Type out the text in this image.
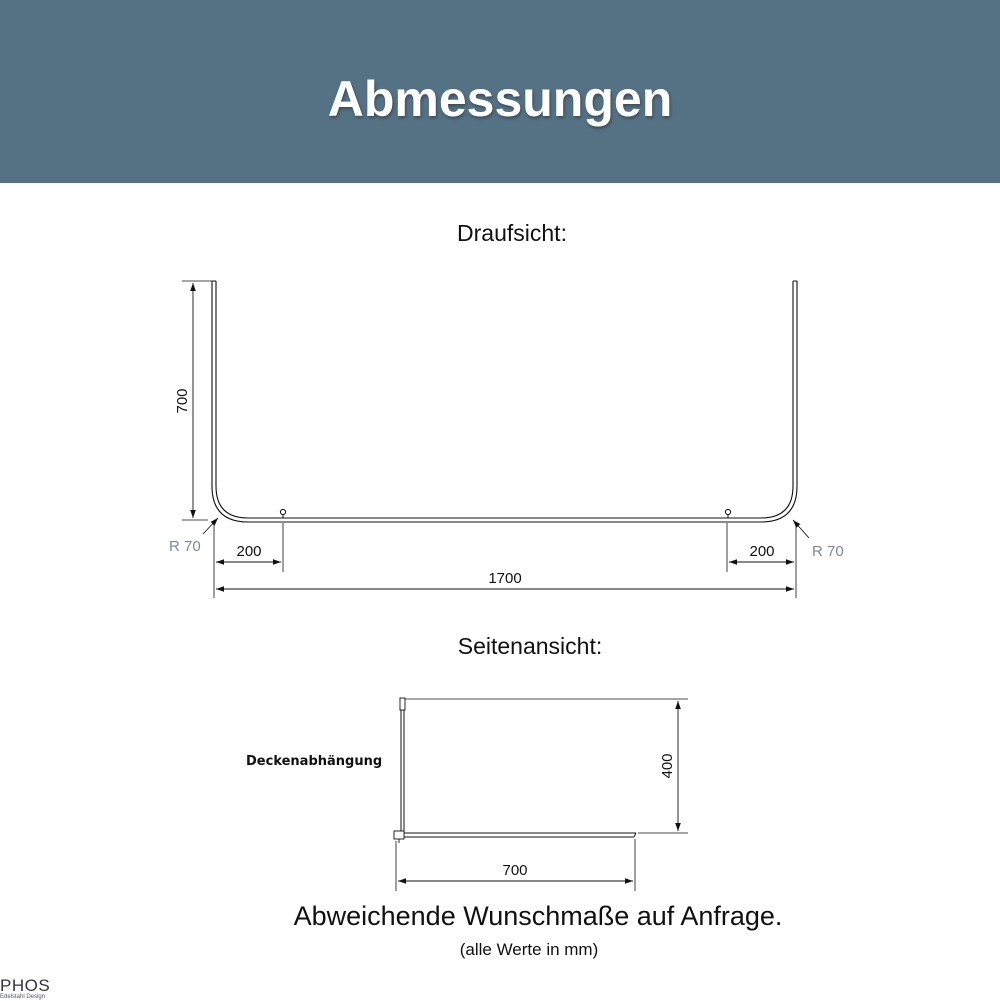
Abmessungen
Draufsicht:
700
R 70	R 70
200	200
1700
400
700
Seitenansicht:
Deckenabhängung
Abweichende Wunschmaße auf Anfrage.
(alle Werte in mm)
PHOS
Edelstahl Design
